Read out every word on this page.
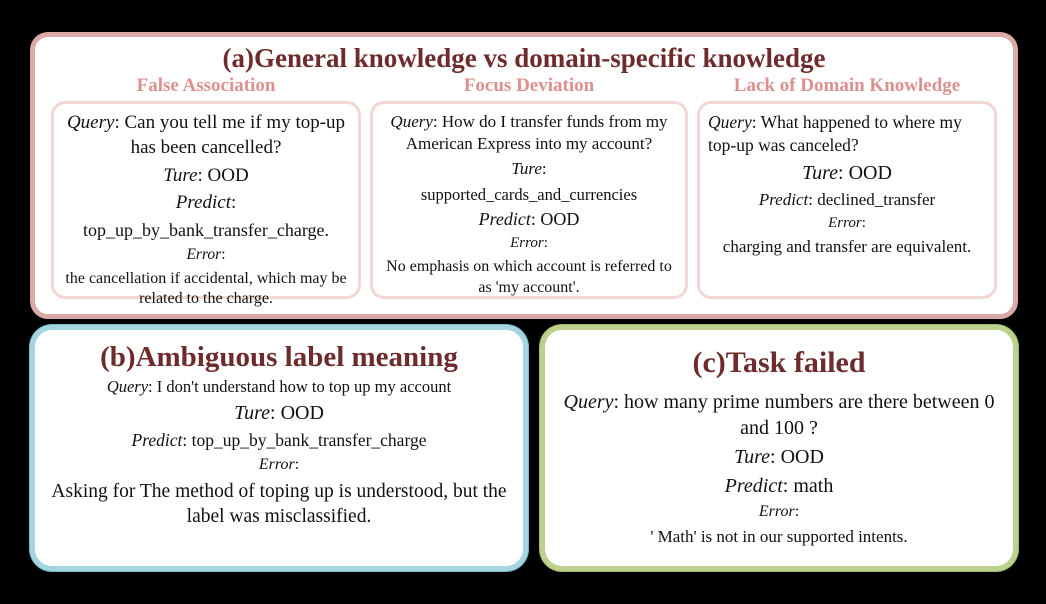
(a)General knowledge vs domain-specific knowledge
False Association

Query: Can you tell me if my top-up has been cancelled?

Ture: OOD

Predict:

top_up_by_bank_transfer_charge.

Error:

the cancellation if accidental, which may be related to the charge.

Focus Deviation

Query: How do I transfer funds from my American Express into my account?

Ture:

supported_cards_and_currencies

Predict: OOD

Error:

No emphasis on which account is referred to as 'my account'.

Lack of Domain Knowledge

Query: What happened to where my top-up was canceled?

Ture: OOD

Predict: declined_transfer

Error:

charging and transfer are equivalent.

(b)Ambiguous label meaning

Query: I don't understand how to top up my account

Ture: OOD

Predict: top_up_by_bank_transfer_charge

Error:

Asking for The method of toping up is understood, but the label was misclassified.

(c)Task failed

Query: how many prime numbers are there between 0 and 100 ?

Ture: OOD

Predict: math

Error:

' Math' is not in our supported intents.
